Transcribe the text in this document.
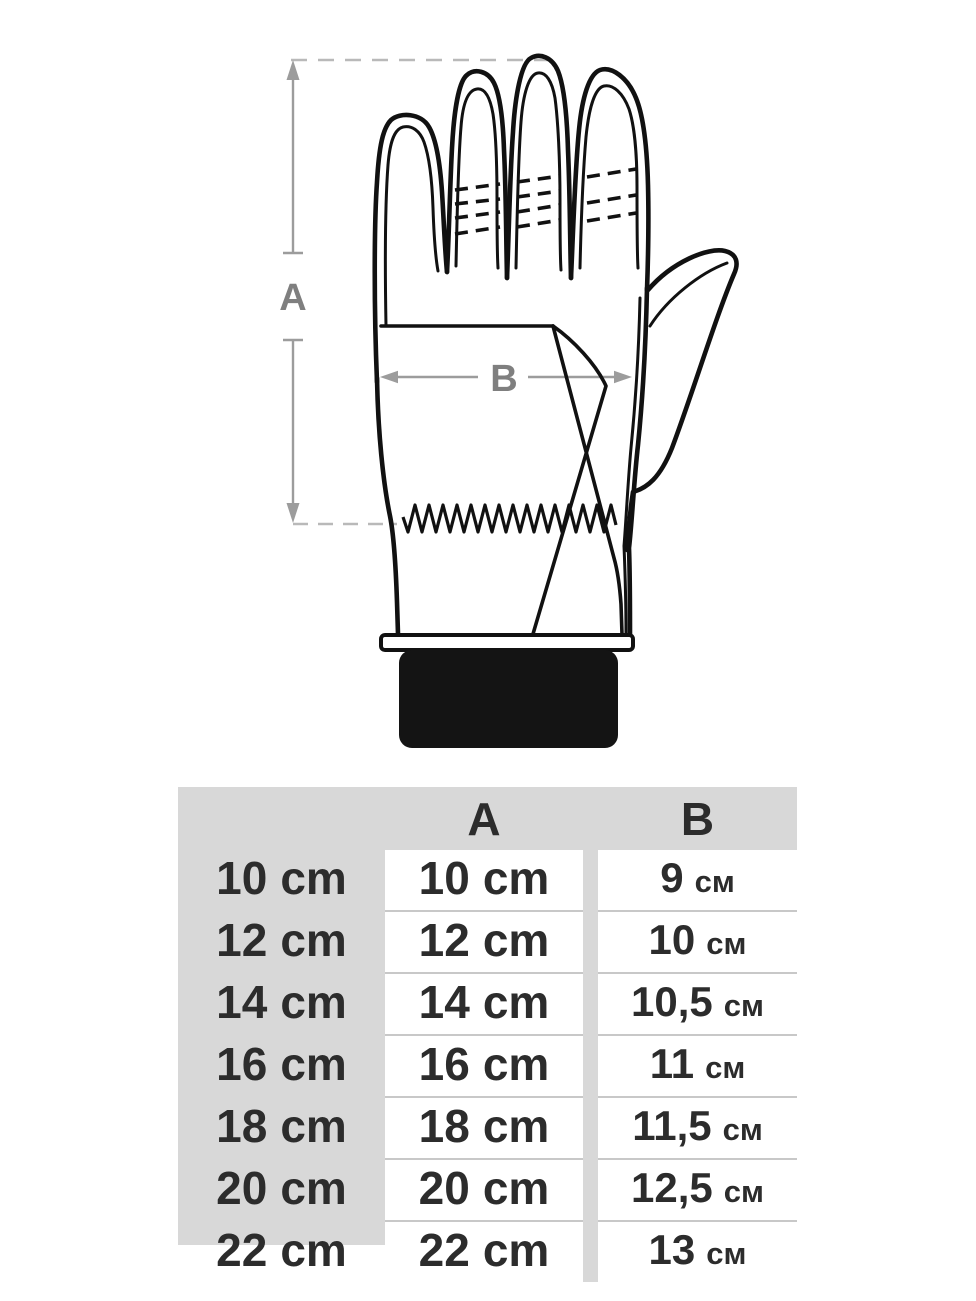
A
B
A	B
10 cm 10 cm	9 см
12 cm 12 cm 10 см
14 cm 14 cm 10,5 см
16 cm 16 cm 11 см
18 cm 18 cm 11,5 см
20 cm 20 cm 12,5 см
22 cm 22 cm 13 см
